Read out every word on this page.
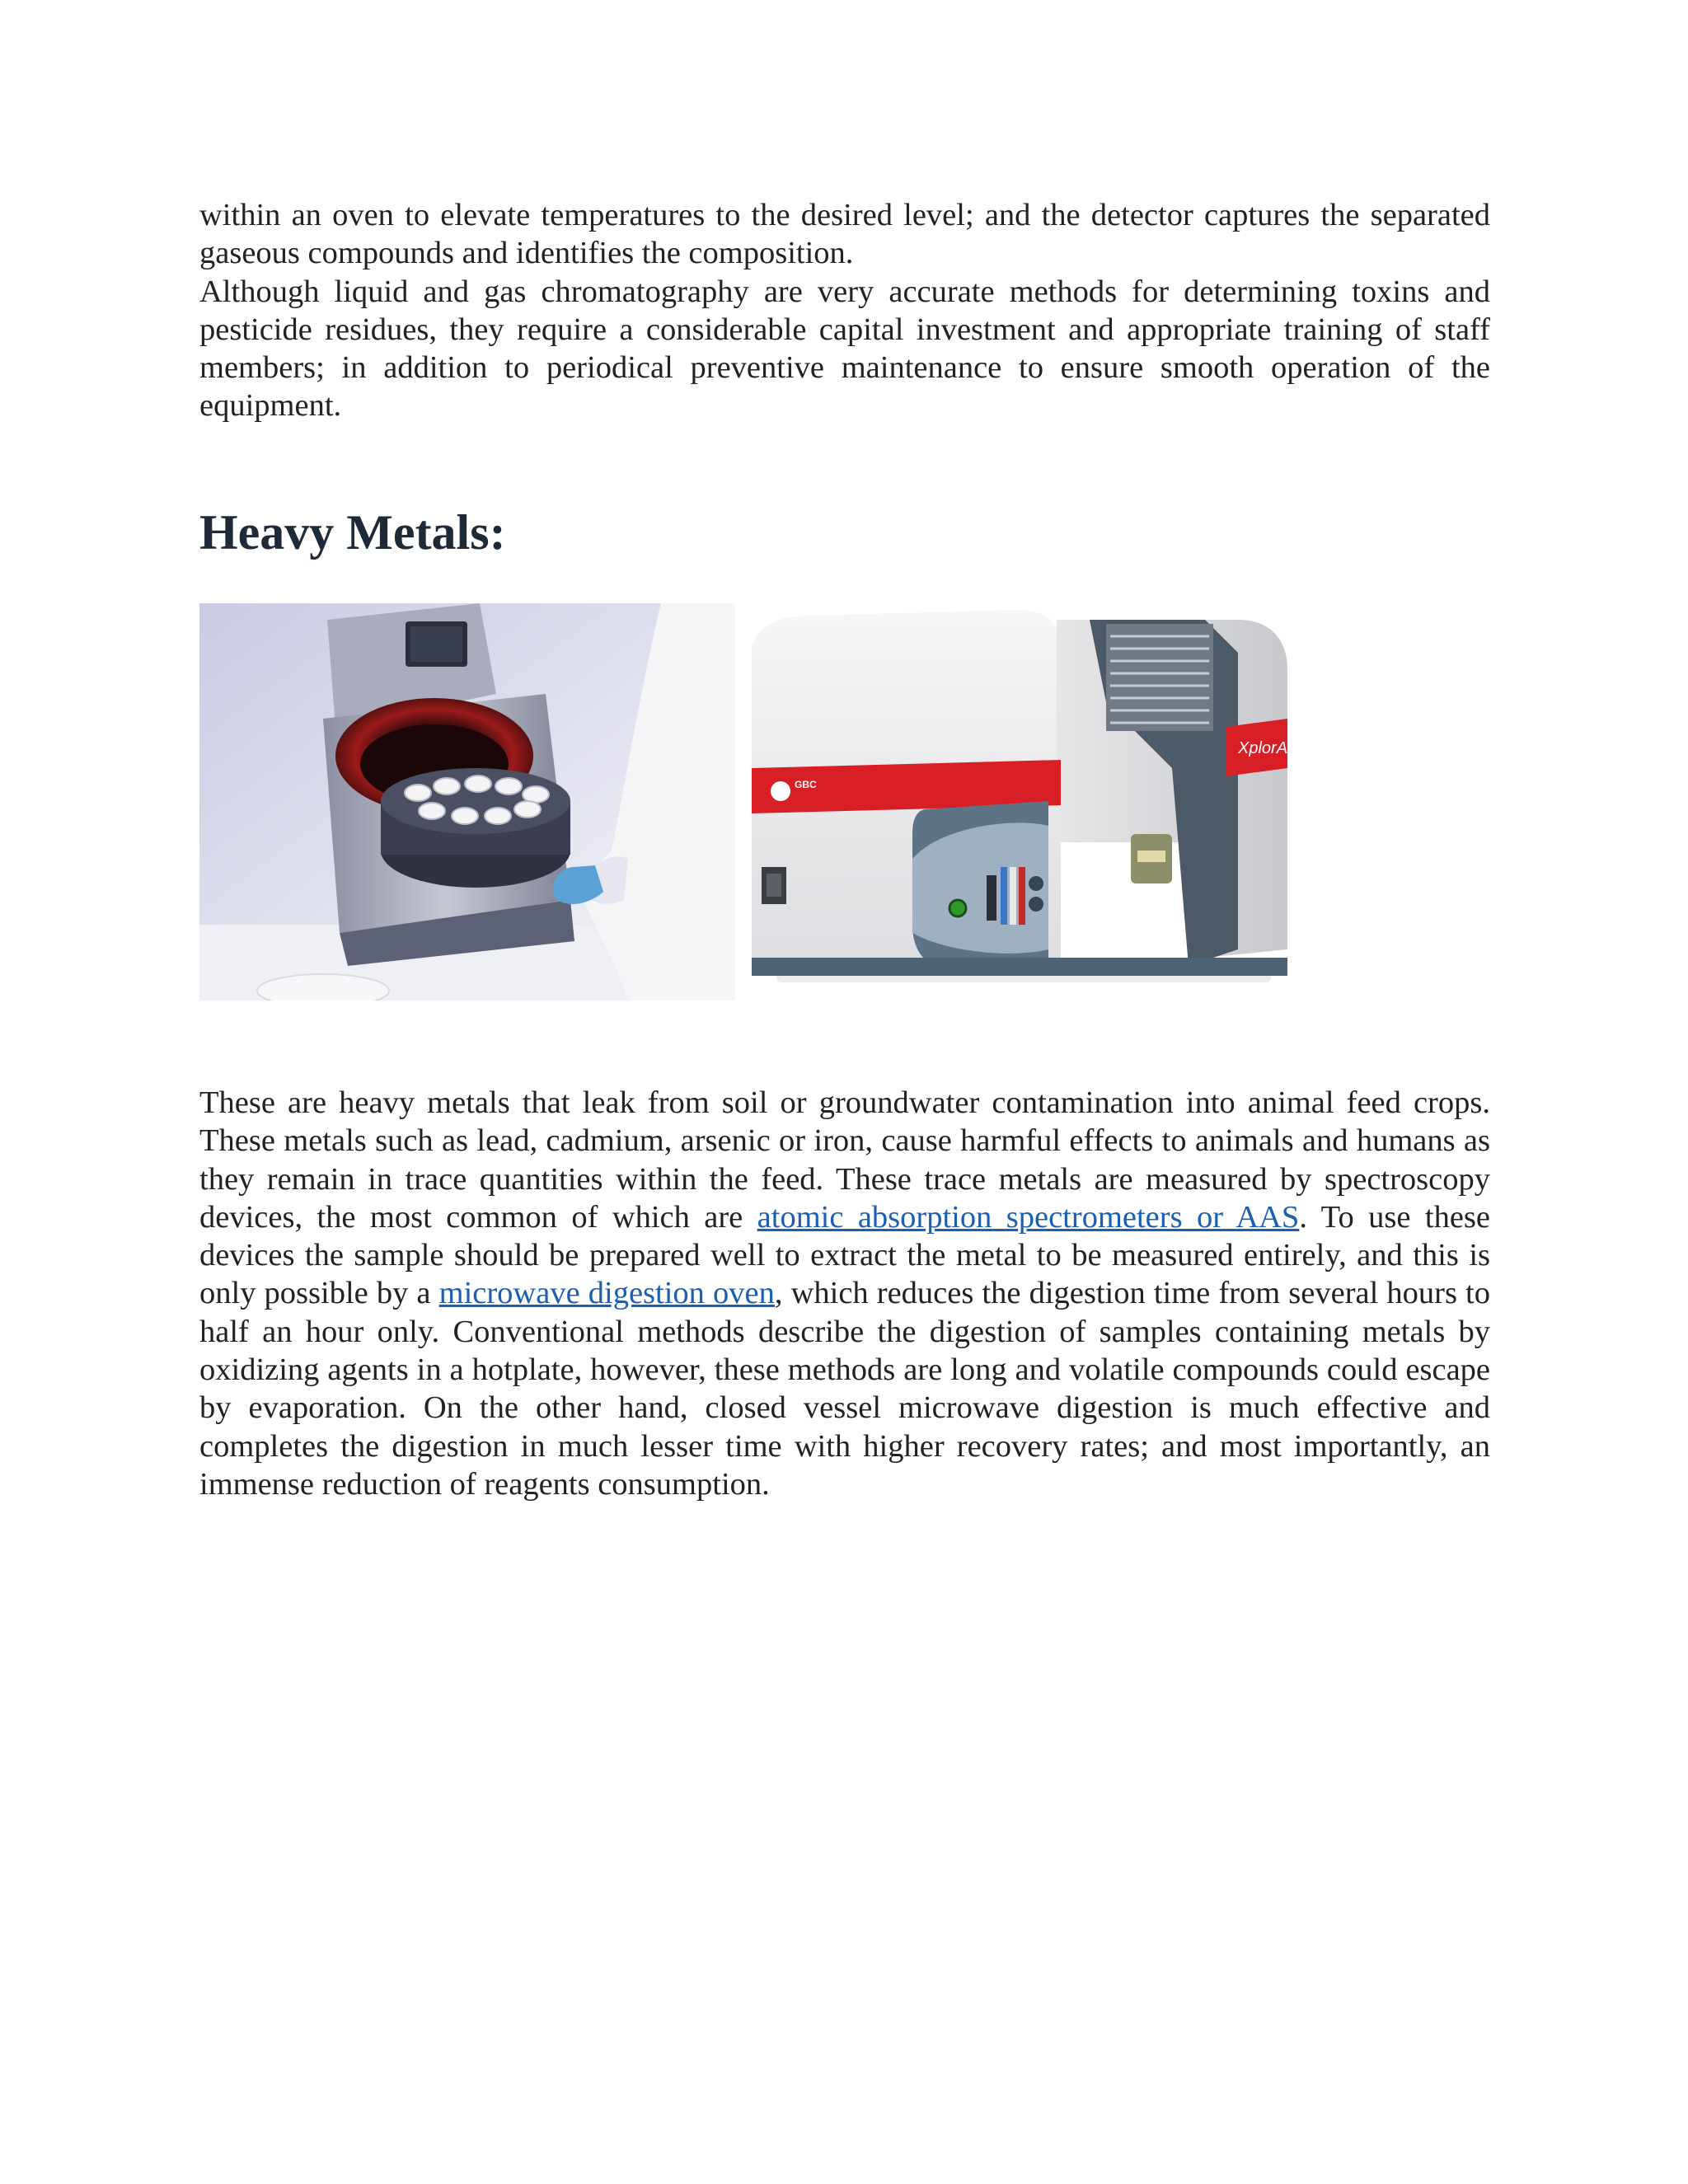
within an oven to elevate temperatures to the desired level; and the detector captures the separated gaseous compounds and identifies the composition.
Although liquid and gas chromatography are very accurate methods for determining toxins and pesticide residues, they require a considerable capital investment and appropriate training of staff members; in addition to periodical preventive maintenance to ensure smooth operation of the equipment.

Heavy Metals:
XplorAA
GBC

These are heavy metals that leak from soil or groundwater contamination into animal feed crops. These metals such as lead, cadmium, arsenic or iron, cause harmful effects to animals and humans as they remain in trace quantities within the feed. These trace metals are measured by spectroscopy devices, the most common of which are atomic absorption spectrometers or AAS. To use these devices the sample should be prepared well to extract the metal to be measured entirely, and this is only possible by a microwave digestion oven, which reduces the digestion time from several hours to half an hour only. Conventional methods describe the digestion of samples containing metals by oxidizing agents in a hotplate, however, these methods are long and volatile compounds could escape by evaporation. On the other hand, closed vessel microwave digestion is much effective and completes the digestion in much lesser time with higher recovery rates; and most importantly, an immense reduction of reagents consumption.
